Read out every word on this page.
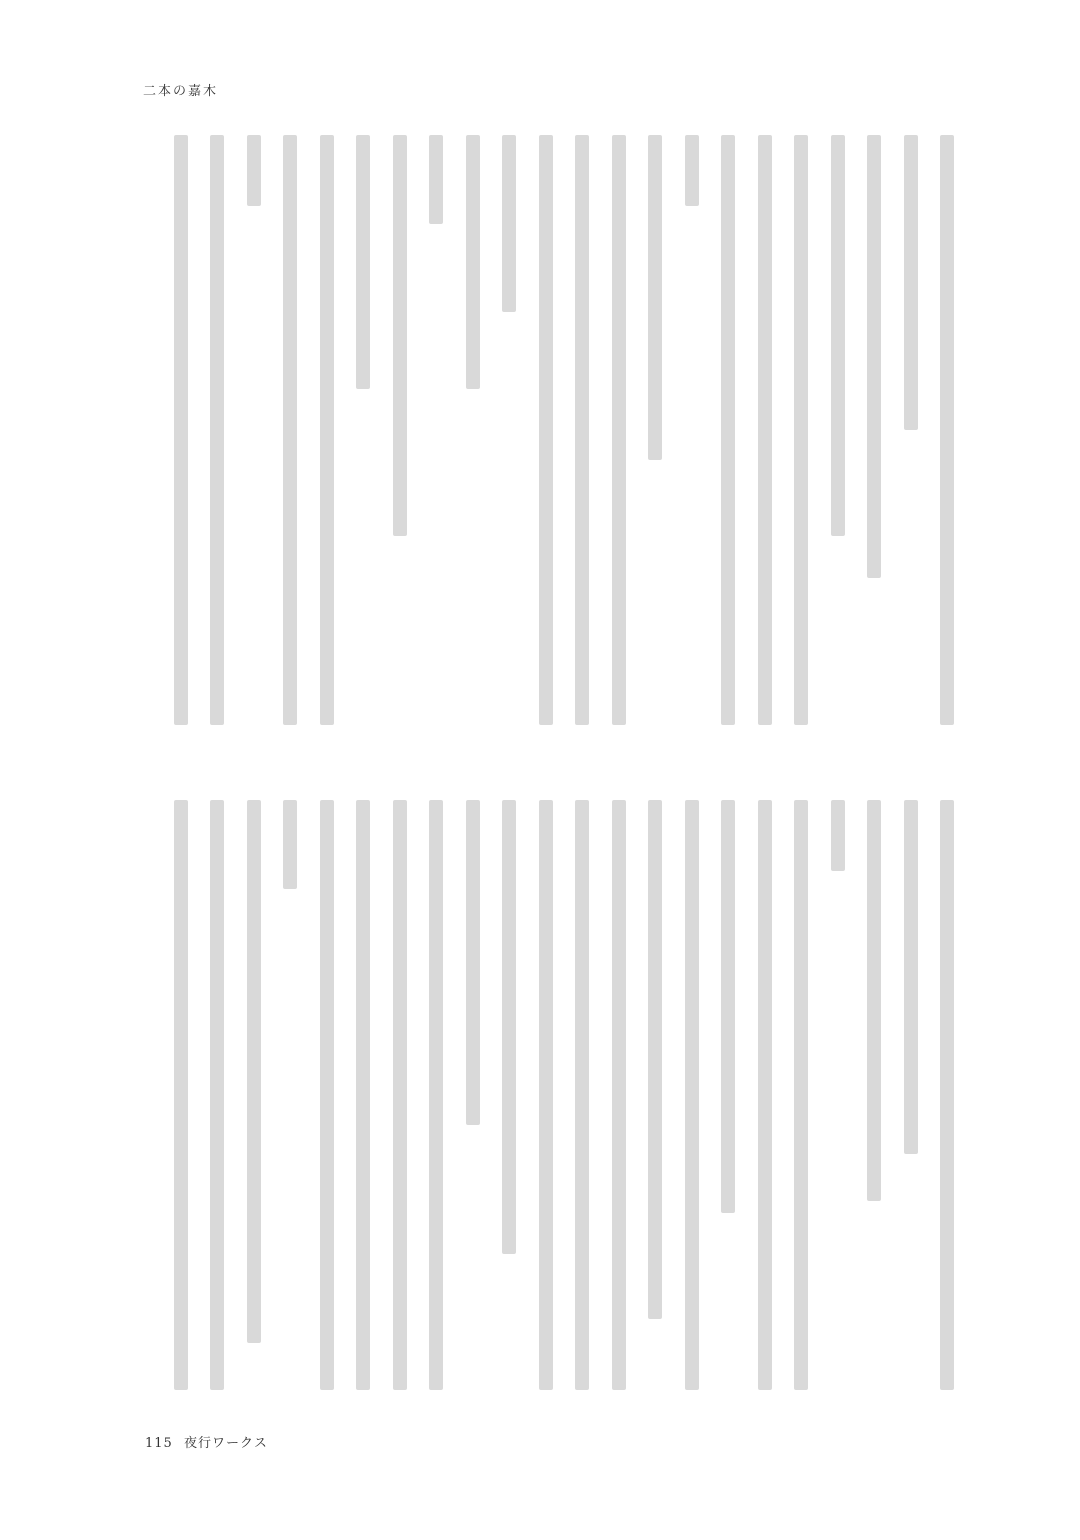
二本の嘉木
115 夜行ワークス
